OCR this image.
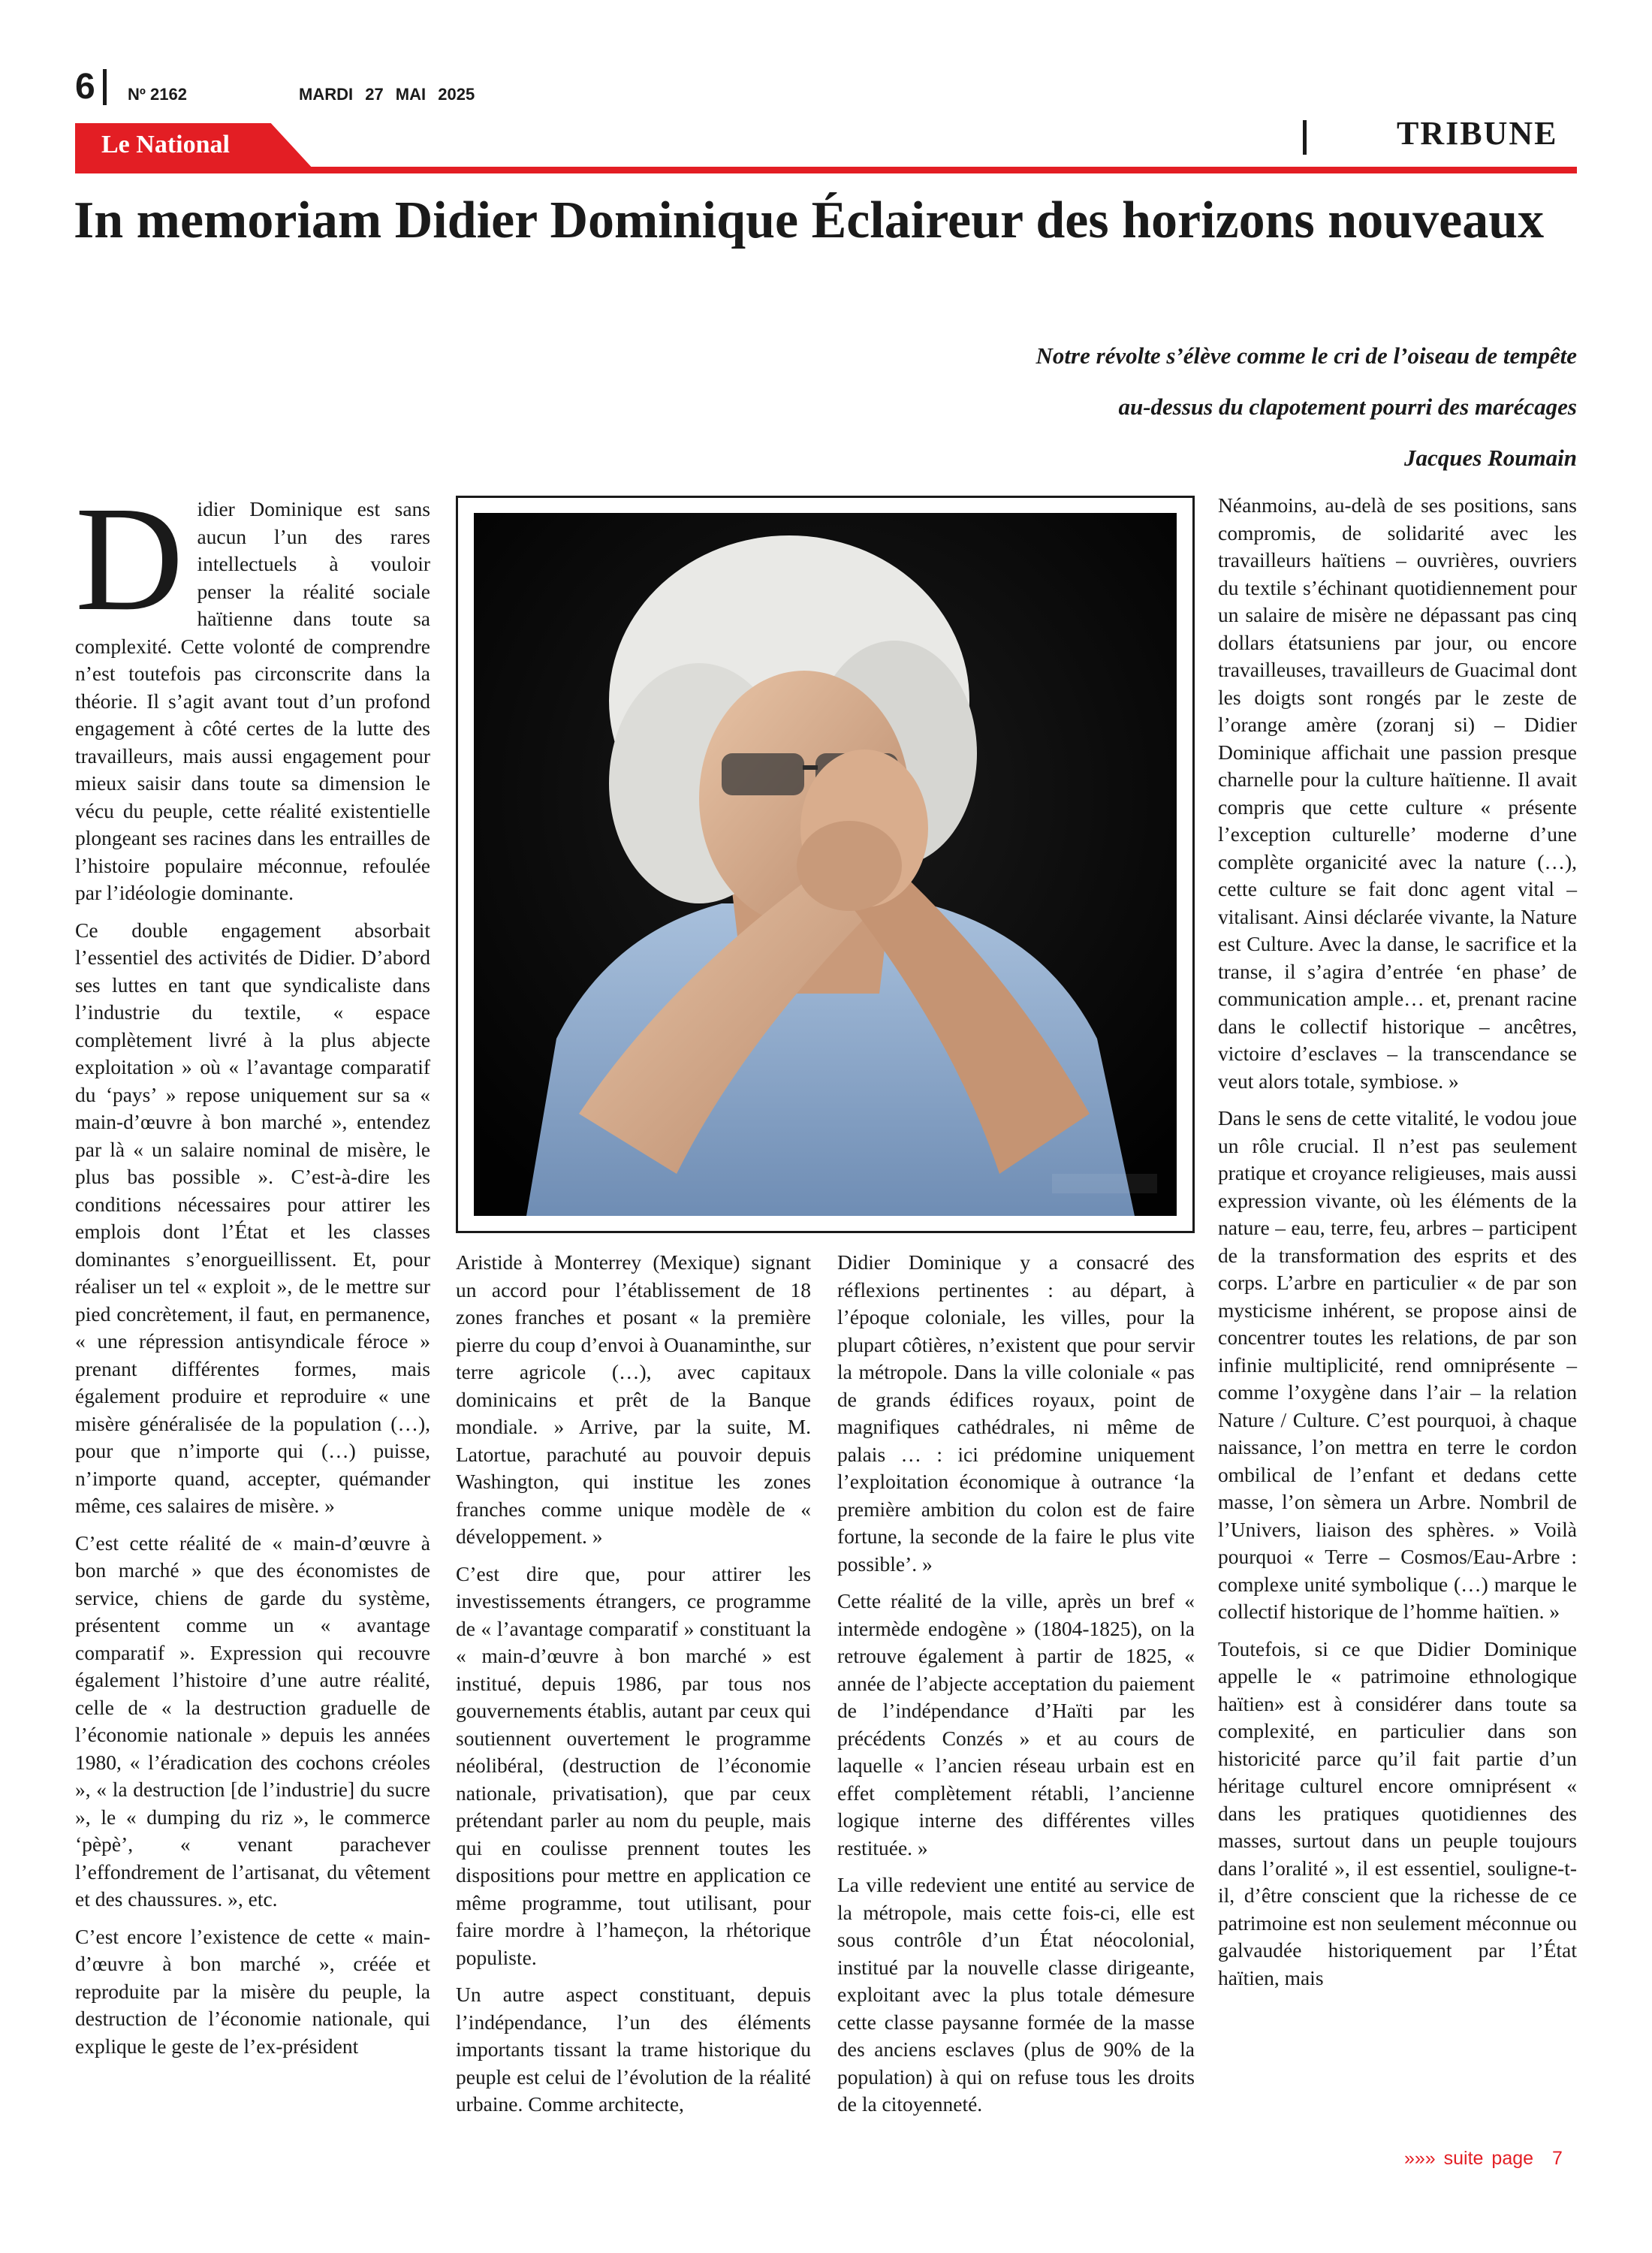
6 Nº 2162	MARDI 27 MAI 2025
Le National	TRIBUNE
In memoriam Didier Dominique Éclaireur des horizons nouveaux
Notre révolte s’élève comme le cri de l’oiseau de tempête
au-dessus du clapotement pourri des marécages
Jacques Roumain

Didier Dominique est sans aucun l’un des rares intellectuels à vouloir penser la réalité sociale haïtienne dans toute sa complexité. Cette volonté de comprendre n’est toutefois pas circonscrite dans la théorie. Il s’agit avant tout d’un profond engagement à côté certes de la lutte des travailleurs, mais aussi engagement pour mieux saisir dans toute sa dimension le vécu du peuple, cette réalité existentielle plongeant ses racines dans les entrailles de l’histoire populaire méconnue, refoulée par l’idéologie dominante.

Ce double engagement absorbait l’essentiel des activités de Didier. D’abord ses luttes en tant que syndicaliste dans l’industrie du textile, « espace complètement livré à la plus abjecte exploitation » où « l’avantage comparatif du ‘pays’ » repose uniquement sur sa « main-d’œuvre à bon marché », entendez par là « un salaire nominal de misère, le plus bas possible ». C’est-à-dire les conditions nécessaires pour attirer les emplois dont l’État et les classes dominantes s’enorgueillissent. Et, pour réaliser un tel « exploit », de le mettre sur pied concrètement, il faut, en permanence, « une répression antisyndicale féroce » prenant différentes formes, mais également produire et reproduire « une misère généralisée de la population (…), pour que n’importe qui (…) puisse, n’importe quand, accepter, quémander même, ces salaires de misère. »

C’est cette réalité de « main-d’œuvre à bon marché » que des économistes de service, chiens de garde du système, présentent comme un « avantage comparatif ». Expression qui recouvre également l’histoire d’une autre réalité, celle de « la destruction graduelle de l’économie nationale » depuis les années 1980, « l’éradication des cochons créoles », « la destruction [de l’industrie] du sucre », le « dumping du riz », le commerce ‘pèpè’, « venant parachever l’effondrement de l’artisanat, du vêtement et des chaussures. », etc.

C’est encore l’existence de cette « main-d’œuvre à bon marché », créée et reproduite par la misère du peuple, la destruction de l’économie nationale, qui explique le geste de l’ex-président

Aristide à Monterrey (Mexique) signant un accord pour l’établissement de 18 zones franches et posant « la première pierre du coup d’envoi à Ouanaminthe, sur terre agricole (…), avec capitaux dominicains et prêt de la Banque mondiale. » Arrive, par la suite, M. Latortue, parachuté au pouvoir depuis Washington, qui institue les zones franches comme unique modèle de « développement. »

C’est dire que, pour attirer les investissements étrangers, ce programme de « l’avantage comparatif » constituant la « main-d’œuvre à bon marché » est institué, depuis 1986, par tous nos gouvernements établis, autant par ceux qui soutiennent ouvertement le programme néolibéral, (destruction de l’économie nationale, privatisation), que par ceux prétendant parler au nom du peuple, mais qui en coulisse prennent toutes les dispositions pour mettre en application ce même programme, tout utilisant, pour faire mordre à l’hameçon, la rhétorique populiste.

Un autre aspect constituant, depuis l’indépendance, l’un des éléments importants tissant la trame historique du peuple est celui de l’évolution de la réalité urbaine. Comme architecte,

Didier Dominique y a consacré des réflexions pertinentes : au départ, à l’époque coloniale, les villes, pour la plupart côtières, n’existent que pour servir la métropole. Dans la ville coloniale « pas de grands édifices royaux, point de magnifiques cathédrales, ni même de palais … : ici prédomine uniquement l’exploitation économique à outrance ‘la première ambition du colon est de faire fortune, la seconde de la faire le plus vite possible’. »

Cette réalité de la ville, après un bref « intermède endogène » (1804-1825), on la retrouve également à partir de 1825, « année de l’abjecte acceptation du paiement de l’indépendance d’Haïti par les précédents Conzés » et au cours de laquelle « l’ancien réseau urbain est en effet complètement rétabli, l’ancienne logique interne des différentes villes restituée. »

La ville redevient une entité au service de la métropole, mais cette fois-ci, elle est sous contrôle d’un État néocolonial, institué par la nouvelle classe dirigeante, exploitant avec la plus totale démesure cette classe paysanne formée de la masse des anciens esclaves (plus de 90% de la population) à qui on refuse tous les droits de la citoyenneté.

Néanmoins, au-delà de ses positions, sans compromis, de solidarité avec les travailleurs haïtiens – ouvrières, ouvriers du textile s’échinant quotidiennement pour un salaire de misère ne dépassant pas cinq dollars étatsuniens par jour, ou encore travailleuses, travailleurs de Guacimal dont les doigts sont rongés par le zeste de l’orange amère (zoranj si) – Didier Dominique affichait une passion presque charnelle pour la culture haïtienne. Il avait compris que cette culture « présente l’exception culturelle’ moderne d’une complète organicité avec la nature (…), cette culture se fait donc agent vital – vitalisant. Ainsi déclarée vivante, la Nature est Culture. Avec la danse, le sacrifice et la transe, il s’agira d’entrée ‘en phase’ de communication ample… et, prenant racine dans le collectif historique – ancêtres, victoire d’esclaves – la transcendance se veut alors totale, symbiose. »

Dans le sens de cette vitalité, le vodou joue un rôle crucial. Il n’est pas seulement pratique et croyance religieuses, mais aussi expression vivante, où les éléments de la nature – eau, terre, feu, arbres – participent de la transformation des esprits et des corps. L’arbre en particulier « de par son mysticisme inhérent, se propose ainsi de concentrer toutes les relations, de par son infinie multiplicité, rend omniprésente – comme l’oxygène dans l’air – la relation Nature / Culture. C’est pourquoi, à chaque naissance, l’on mettra en terre le cordon ombilical de l’enfant et dedans cette masse, l’on sèmera un Arbre. Nombril de l’Univers, liaison des sphères. » Voilà pourquoi « Terre – Cosmos/Eau-Arbre : complexe unité symbolique (…) marque le collectif historique de l’homme haïtien. »

Toutefois, si ce que Didier Dominique appelle le « patrimoine ethnologique haïtien» est à considérer dans toute sa complexité, en particulier dans son historicité parce qu’il fait partie d’un héritage culturel encore omniprésent « dans les pratiques quotidiennes des masses, surtout dans un peuple toujours dans l’oralité », il est essentiel, souligne-t-il, d’être conscient que la richesse de ce patrimoine est non seulement méconnue ou galvaudée historiquement par l’État haïtien, mais

»»» suite page 7
